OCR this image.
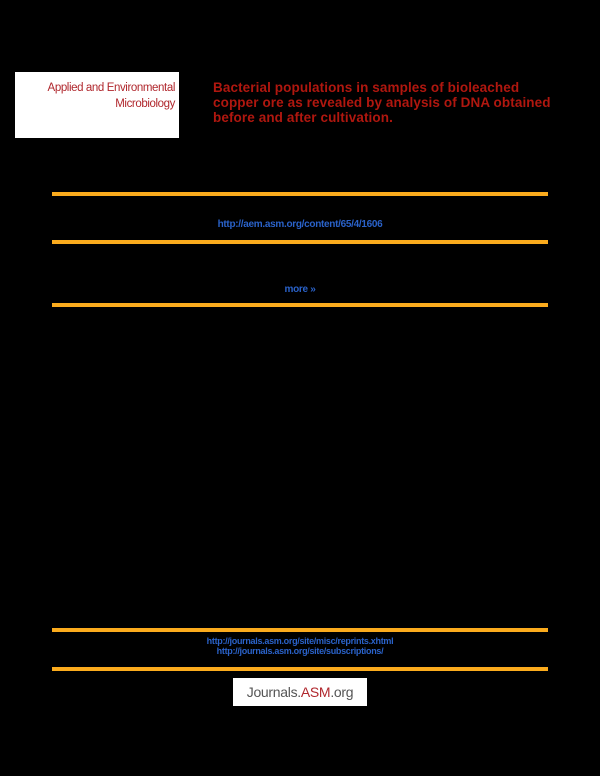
Applied and Environmental
Microbiology
Bacterial populations in samples of bioleached copper ore as revealed by analysis of DNA obtained before and after cultivation.
http://aem.asm.org/content/65/4/1606
more »
http://journals.asm.org/site/misc/reprints.xhtml
http://journals.asm.org/site/subscriptions/
Journals.ASM.org
